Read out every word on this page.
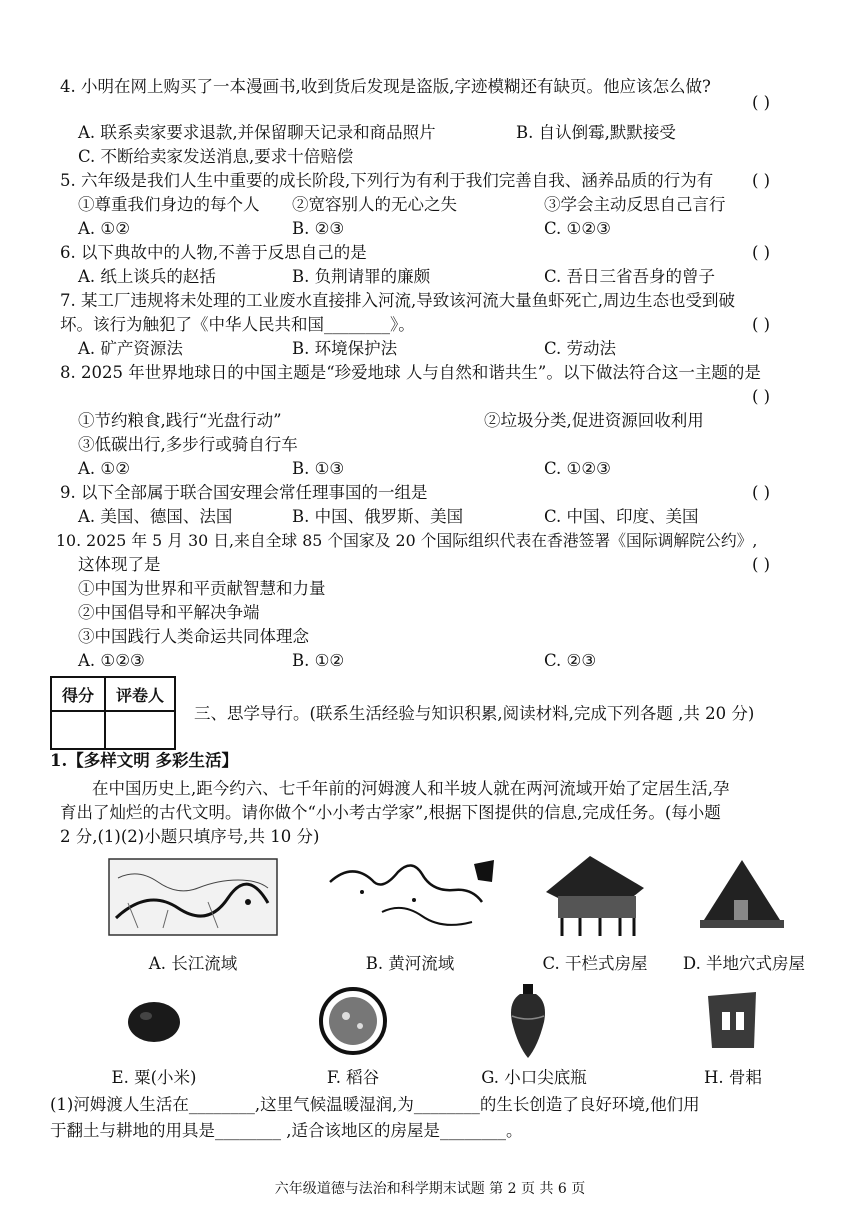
4. 小明在网上购买了一本漫画书,收到货后发现是盗版,字迹模糊还有缺页。他应该怎么做?
( )
A. 联系卖家要求退款,并保留聊天记录和商品照片	B. 自认倒霉,默默接受
C. 不断给卖家发送消息,要求十倍赔偿
5. 六年级是我们人生中重要的成长阶段,下列行为有利于我们完善自我、涵养品质的行为有 ( )
①尊重我们身边的每个人 ②宽容别人的无心之失	③学会主动反思自己言行
A. ①②	B. ②③	C. ①②③
6. 以下典故中的人物,不善于反思自己的是	( )
A. 纸上谈兵的赵括	B. 负荆请罪的廉颇	C. 吾日三省吾身的曾子
7. 某工厂违规将未处理的工业废水直接排入河流,导致该河流大量鱼虾死亡,周边生态也受到破
坏。该行为触犯了《中华人民共和国________》。	( )
A. 矿产资源法	B. 环境保护法	C. 劳动法
8. 2025 年世界地球日的中国主题是“珍爱地球 人与自然和谐共生”。以下做法符合这一主题的是
( )
①节约粮食,践行“光盘行动”	②垃圾分类,促进资源回收利用
③低碳出行,多步行或骑自行车
A. ①②	B. ①③	C. ①②③
9. 以下全部属于联合国安理会常任理事国的一组是	( )
A. 美国、德国、法国	B. 中国、俄罗斯、美国	C. 中国、印度、美国
10. 2025 年 5 月 30 日,来自全球 85 个国家及 20 个国际组织代表在香港签署《国际调解院公约》,
这体现了是	( )
①中国为世界和平贡献智慧和力量
②中国倡导和平解决争端
③中国践行人类命运共同体理念
A. ①②③	B. ①②	C. ②③
得分	评卷人

三、思学导行。(联系生活经验与知识积累,阅读材料,完成下列各题 ,共 20 分)
1.【多样文明 多彩生活】
在中国历史上,距今约六、七千年前的河姆渡人和半坡人就在两河流域开始了定居生活,孕
育出了灿烂的古代文明。请你做个“小小考古学家”,根据下图提供的信息,完成任务。(每小题
2 分,(1)(2)小题只填序号,共 10 分)
A. 长江流域	B. 黄河流域	C. 干栏式房屋	D. 半地穴式房屋
E. 粟(小米)	F. 稻谷	G. 小口尖底瓶	H. 骨耜
(1)河姆渡人生活在________,这里气候温暖湿润,为________的生长创造了良好环境,他们用
于翻土与耕地的用具是________ ,适合该地区的房屋是________。
六年级道德与法治和科学期末试题 第 2 页 共 6 页
